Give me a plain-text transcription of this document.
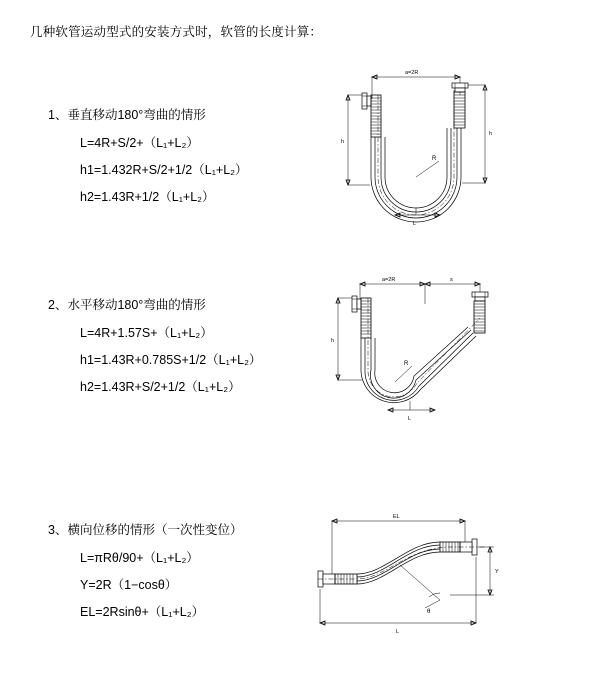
几种软管运动型式的安装方式时，软管的长度计算：
1、垂直移动180°弯曲的情形
L=4R+S/2+（L₁+L₂）
h1=1.432R+S/2+1/2（L₁+L₂）
h2=1.43R+1/2（L₁+L₂）
a=2R
R
L
h
h
2、水平移动180°弯曲的情形
L=4R+1.57S+（L₁+L₂）
h1=1.43R+0.785S+1/2（L₁+L₂）
h2=1.43R+S/2+1/2（L₁+L₂）
a=2R	s
R
L
h
3、横向位移的情形（一次性变位）
L=πRθ/90+（L₁+L₂）
Y=2R（1−cosθ）
EL=2Rsinθ+（L₁+L₂）
EL
θ
Y
L
